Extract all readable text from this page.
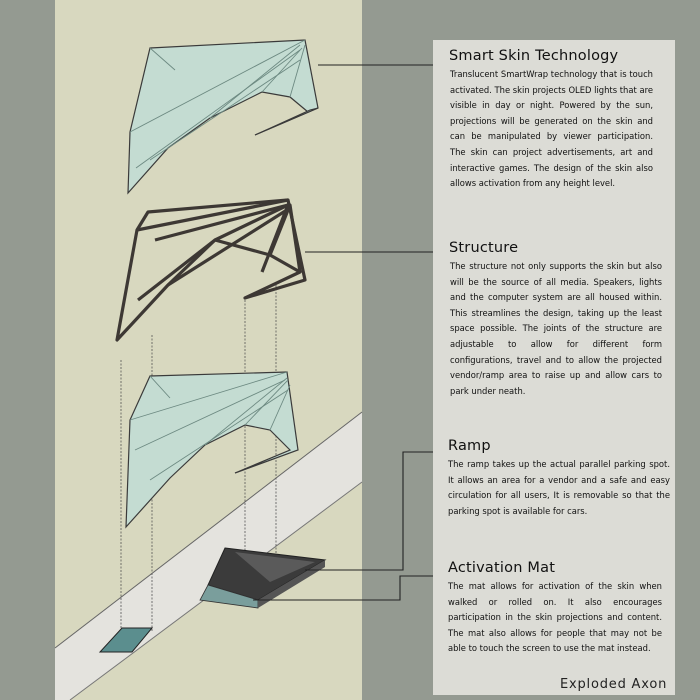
Smart Skin Technology

Translucent SmartWrap technology that is touch activated. The skin projects OLED lights that are visible in day or night. Powered by the sun, projections will be generated on the skin and can be manipulated by viewer participation. The skin can project advertisements, art and interactive games. The design of the skin also allows activation from any height level.

Structure

The structure not only supports the skin but also will be the source of all media. Speakers, lights and the computer system are all housed within. This streamlines the design, taking up the least space possible. The joints of the structure are adjustable to allow for different form configurations, travel and to allow the projected vendor/ramp area to raise up and allow cars to park under neath.

Ramp

The ramp takes up the actual parallel parking spot. It allows an area for a vendor and a safe and easy circulation for all users, It is removable so that the parking spot is available for cars.

Activation Mat

The mat allows for activation of the skin when walked or rolled on. It also encourages participation in the skin projections and content. The mat also allows for people that may not be able to touch the screen to use the mat instead.

Exploded Axon
